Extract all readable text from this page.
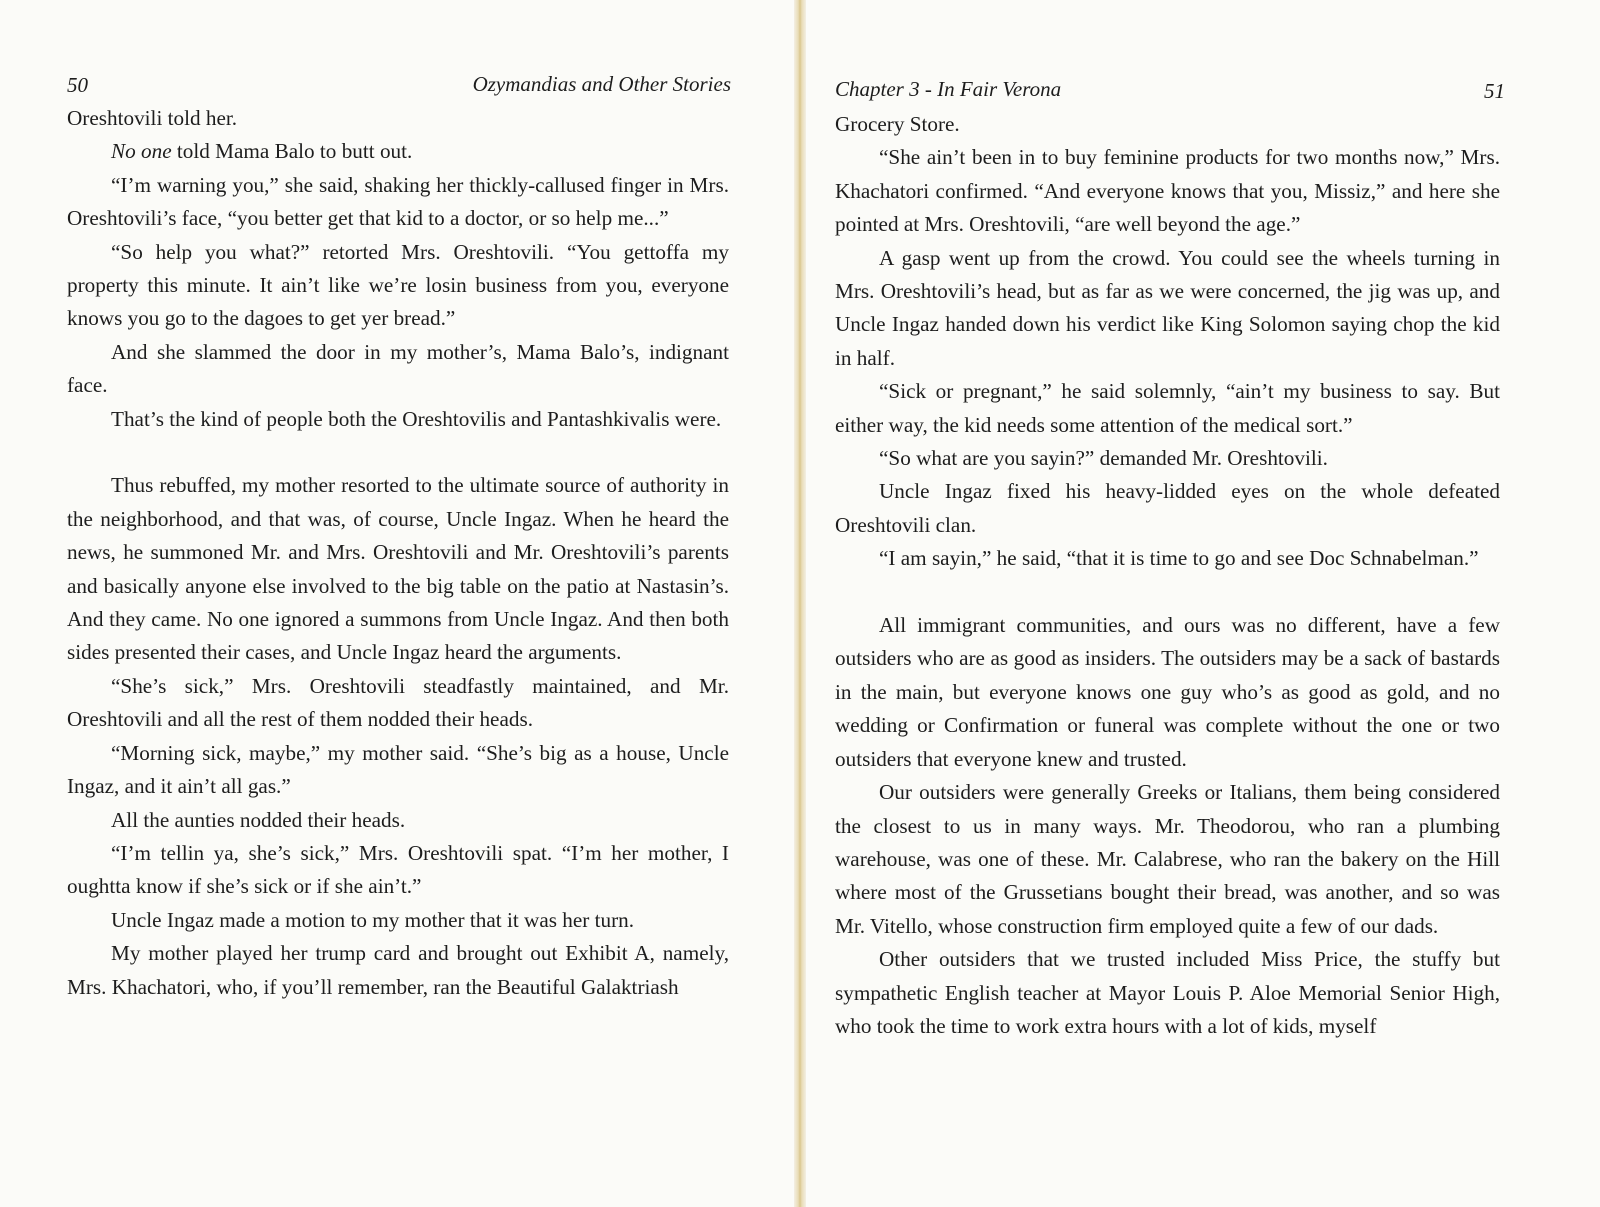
50	Ozymandias and Other Stories

Oreshtovili told her.

No one told Mama Balo to butt out.

“I’m warning you,” she said, shaking her thickly-callused finger in Mrs. Oreshtovili’s face, “you better get that kid to a doctor, or so help me...”

“So help you what?” retorted Mrs. Oreshtovili. “You gettoffa my property this minute. It ain’t like we’re losin business from you, everyone knows you go to the dagoes to get yer bread.”

And she slammed the door in my mother’s, Mama Balo’s, indignant face.

That’s the kind of people both the Oreshtovilis and Pantashkivalis were.

Thus rebuffed, my mother resorted to the ultimate source of authority in the neighborhood, and that was, of course, Uncle Ingaz. When he heard the news, he summoned Mr. and Mrs. Oreshtovili and Mr. Oreshtovili’s parents and basically anyone else involved to the big table on the patio at Nastasin’s. And they came. No one ignored a summons from Uncle Ingaz. And then both sides presented their cases, and Uncle Ingaz heard the arguments.

“She’s sick,” Mrs. Oreshtovili steadfastly maintained, and Mr. Oreshtovili and all the rest of them nodded their heads.

“Morning sick, maybe,” my mother said. “She’s big as a house, Uncle Ingaz, and it ain’t all gas.”

All the aunties nodded their heads.

“I’m tellin ya, she’s sick,” Mrs. Oreshtovili spat. “I’m her mother, I oughtta know if she’s sick or if she ain’t.”

Uncle Ingaz made a motion to my mother that it was her turn.

My mother played her trump card and brought out Exhibit A, namely, Mrs. Khachatori, who, if you’ll remember, ran the Beautiful Galaktriash

Chapter 3 - In Fair Verona	51

Grocery Store.

“She ain’t been in to buy feminine products for two months now,” Mrs. Khachatori confirmed. “And everyone knows that you, Missiz,” and here she pointed at Mrs. Oreshtovili, “are well beyond the age.”

A gasp went up from the crowd. You could see the wheels turning in Mrs. Oreshtovili’s head, but as far as we were concerned, the jig was up, and Uncle Ingaz handed down his verdict like King Solomon saying chop the kid in half.

“Sick or pregnant,” he said solemnly, “ain’t my business to say. But either way, the kid needs some attention of the medical sort.”

“So what are you sayin?” demanded Mr. Oreshtovili.

Uncle Ingaz fixed his heavy-lidded eyes on the whole defeated Oreshtovili clan.

“I am sayin,” he said, “that it is time to go and see Doc Schnabelman.”

All immigrant communities, and ours was no different, have a few outsiders who are as good as insiders. The outsiders may be a sack of bastards in the main, but everyone knows one guy who’s as good as gold, and no wedding or Confirmation or funeral was complete without the one or two outsiders that everyone knew and trusted.

Our outsiders were generally Greeks or Italians, them being considered the closest to us in many ways. Mr. Theodorou, who ran a plumbing warehouse, was one of these. Mr. Calabrese, who ran the bakery on the Hill where most of the Grussetians bought their bread, was another, and so was Mr. Vitello, whose construction firm employed quite a few of our dads.

Other outsiders that we trusted included Miss Price, the stuffy but sympathetic English teacher at Mayor Louis P. Aloe Memorial Senior High, who took the time to work extra hours with a lot of kids, myself
